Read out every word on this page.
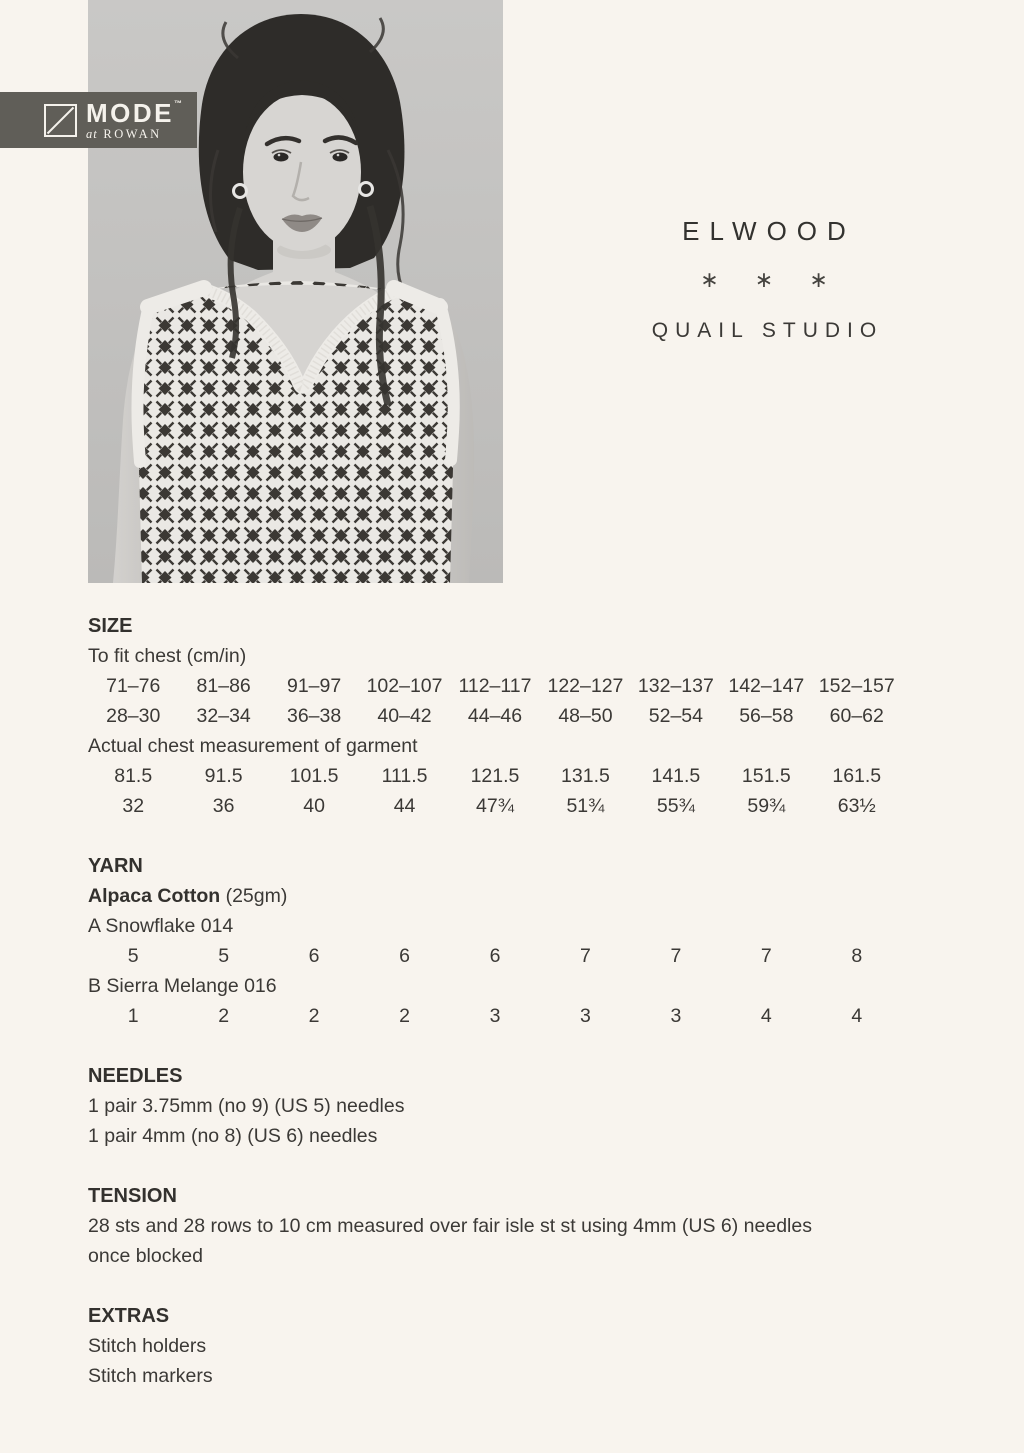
MODE™
at ROWAN
ELWOOD
∗ ∗ ∗
QUAIL STUDIO

SIZE

To fit chest (cm/in)

71–76	81–86	91–97	102–107 112–117 122–127 132–137 142–147 152–157
28–30	32–34	36–38	40–42	44–46	48–50	52–54	56–58	60–62

Actual chest measurement of garment

81.5	91.5	101.5	111.5	121.5	131.5	141.5	151.5	161.5
32	36	40	44	47¾	51¾	55¾	59¾	63½

YARN

Alpaca Cotton (25gm)

A Snowflake 014

5	5	6	6	6	7	7	7	8

B Sierra Melange 016

1	2	2	2	3	3	3	4	4

NEEDLES

1 pair 3.75mm (no 9) (US 5) needles

1 pair 4mm (no 8) (US 6) needles

TENSION

28 sts and 28 rows to 10 cm measured over fair isle st st using 4mm (US 6) needles

once blocked

EXTRAS

Stitch holders

Stitch markers
